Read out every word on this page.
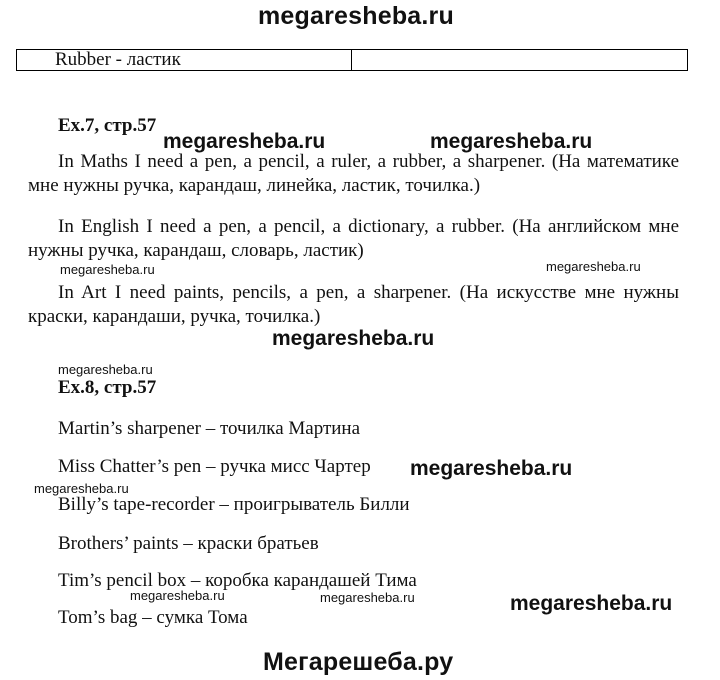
megaresheba.ru
Rubber - ластик
Ex.7, стр.57
megaresheba.ru	megaresheba.ru
In Maths I need a pen, a pencil, a ruler, a rubber, a sharpener. (На математике мне нужны ручка, карандаш, линейка, ластик, точилка.)
In English I need a pen, a pencil, a dictionary, a rubber. (На английском мне нужны ручка, карандаш, словарь, ластик)
megaresheba.ru	megaresheba.ru
In Art I need paints, pencils, a pen, a sharpener. (На искусстве мне нужны краски, карандаши, ручка, точилка.)
megaresheba.ru
megaresheba.ru
Ex.8, стр.57
Martin’s sharpener – точилка Мартина
Miss Chatter’s pen – ручка мисс Чартер megaresheba.ru
megaresheba.ru
Billy’s tape-recorder – проигрыватель Билли
Brothers’ paints – краски братьев
Tim’s pencil box – коробка карандашей Тима
megaresheba.ru	megaresheba.ru	megaresheba.ru
Tom’s bag – сумка Тома
Мегарешеба.ру
